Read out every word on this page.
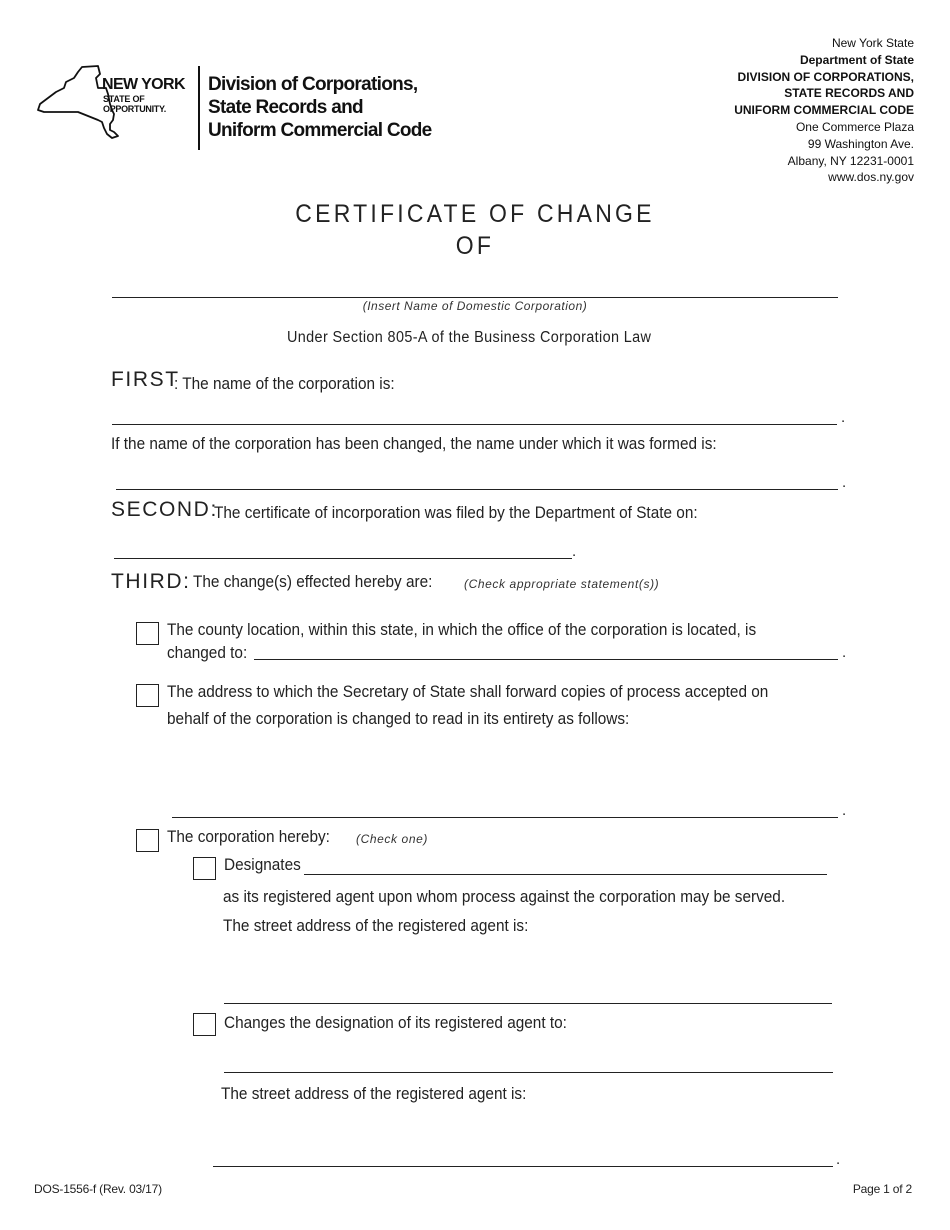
NEW YORK
STATE OF
OPPORTUNITY.
Division of Corporations,
State Records and
Uniform Commercial Code
New York State
Department of State
DIVISION OF CORPORATIONS,
STATE RECORDS AND
UNIFORM COMMERCIAL CODE
One Commerce Plaza
99 Washington Ave.
Albany, NY 12231-0001
www.dos.ny.gov
CERTIFICATE OF CHANGE
OF
(Insert Name of Domestic Corporation)
Under Section 805-A of the Business Corporation Law
FIRST
: The name of the corporation is:
.
If the name of the corporation has been changed, the name under which it was formed is:
.
SECOND:
The certificate of incorporation was filed by the Department of State on:
.
THIRD: The change(s) effected hereby are:	(Check appropriate statement(s))
The county location, within this state, in which the office of the corporation is located, is
changed to:	.
The address to which the Secretary of State shall forward copies of process accepted on
behalf of the corporation is changed to read in its entirety as follows:
.
The corporation hereby: (Check one)
Designates
as its registered agent upon whom process against the corporation may be served.
The street address of the registered agent is:
Changes the designation of its registered agent to:
The street address of the registered agent is:
.
DOS-1556-f (Rev. 03/17)	Page 1 of 2
